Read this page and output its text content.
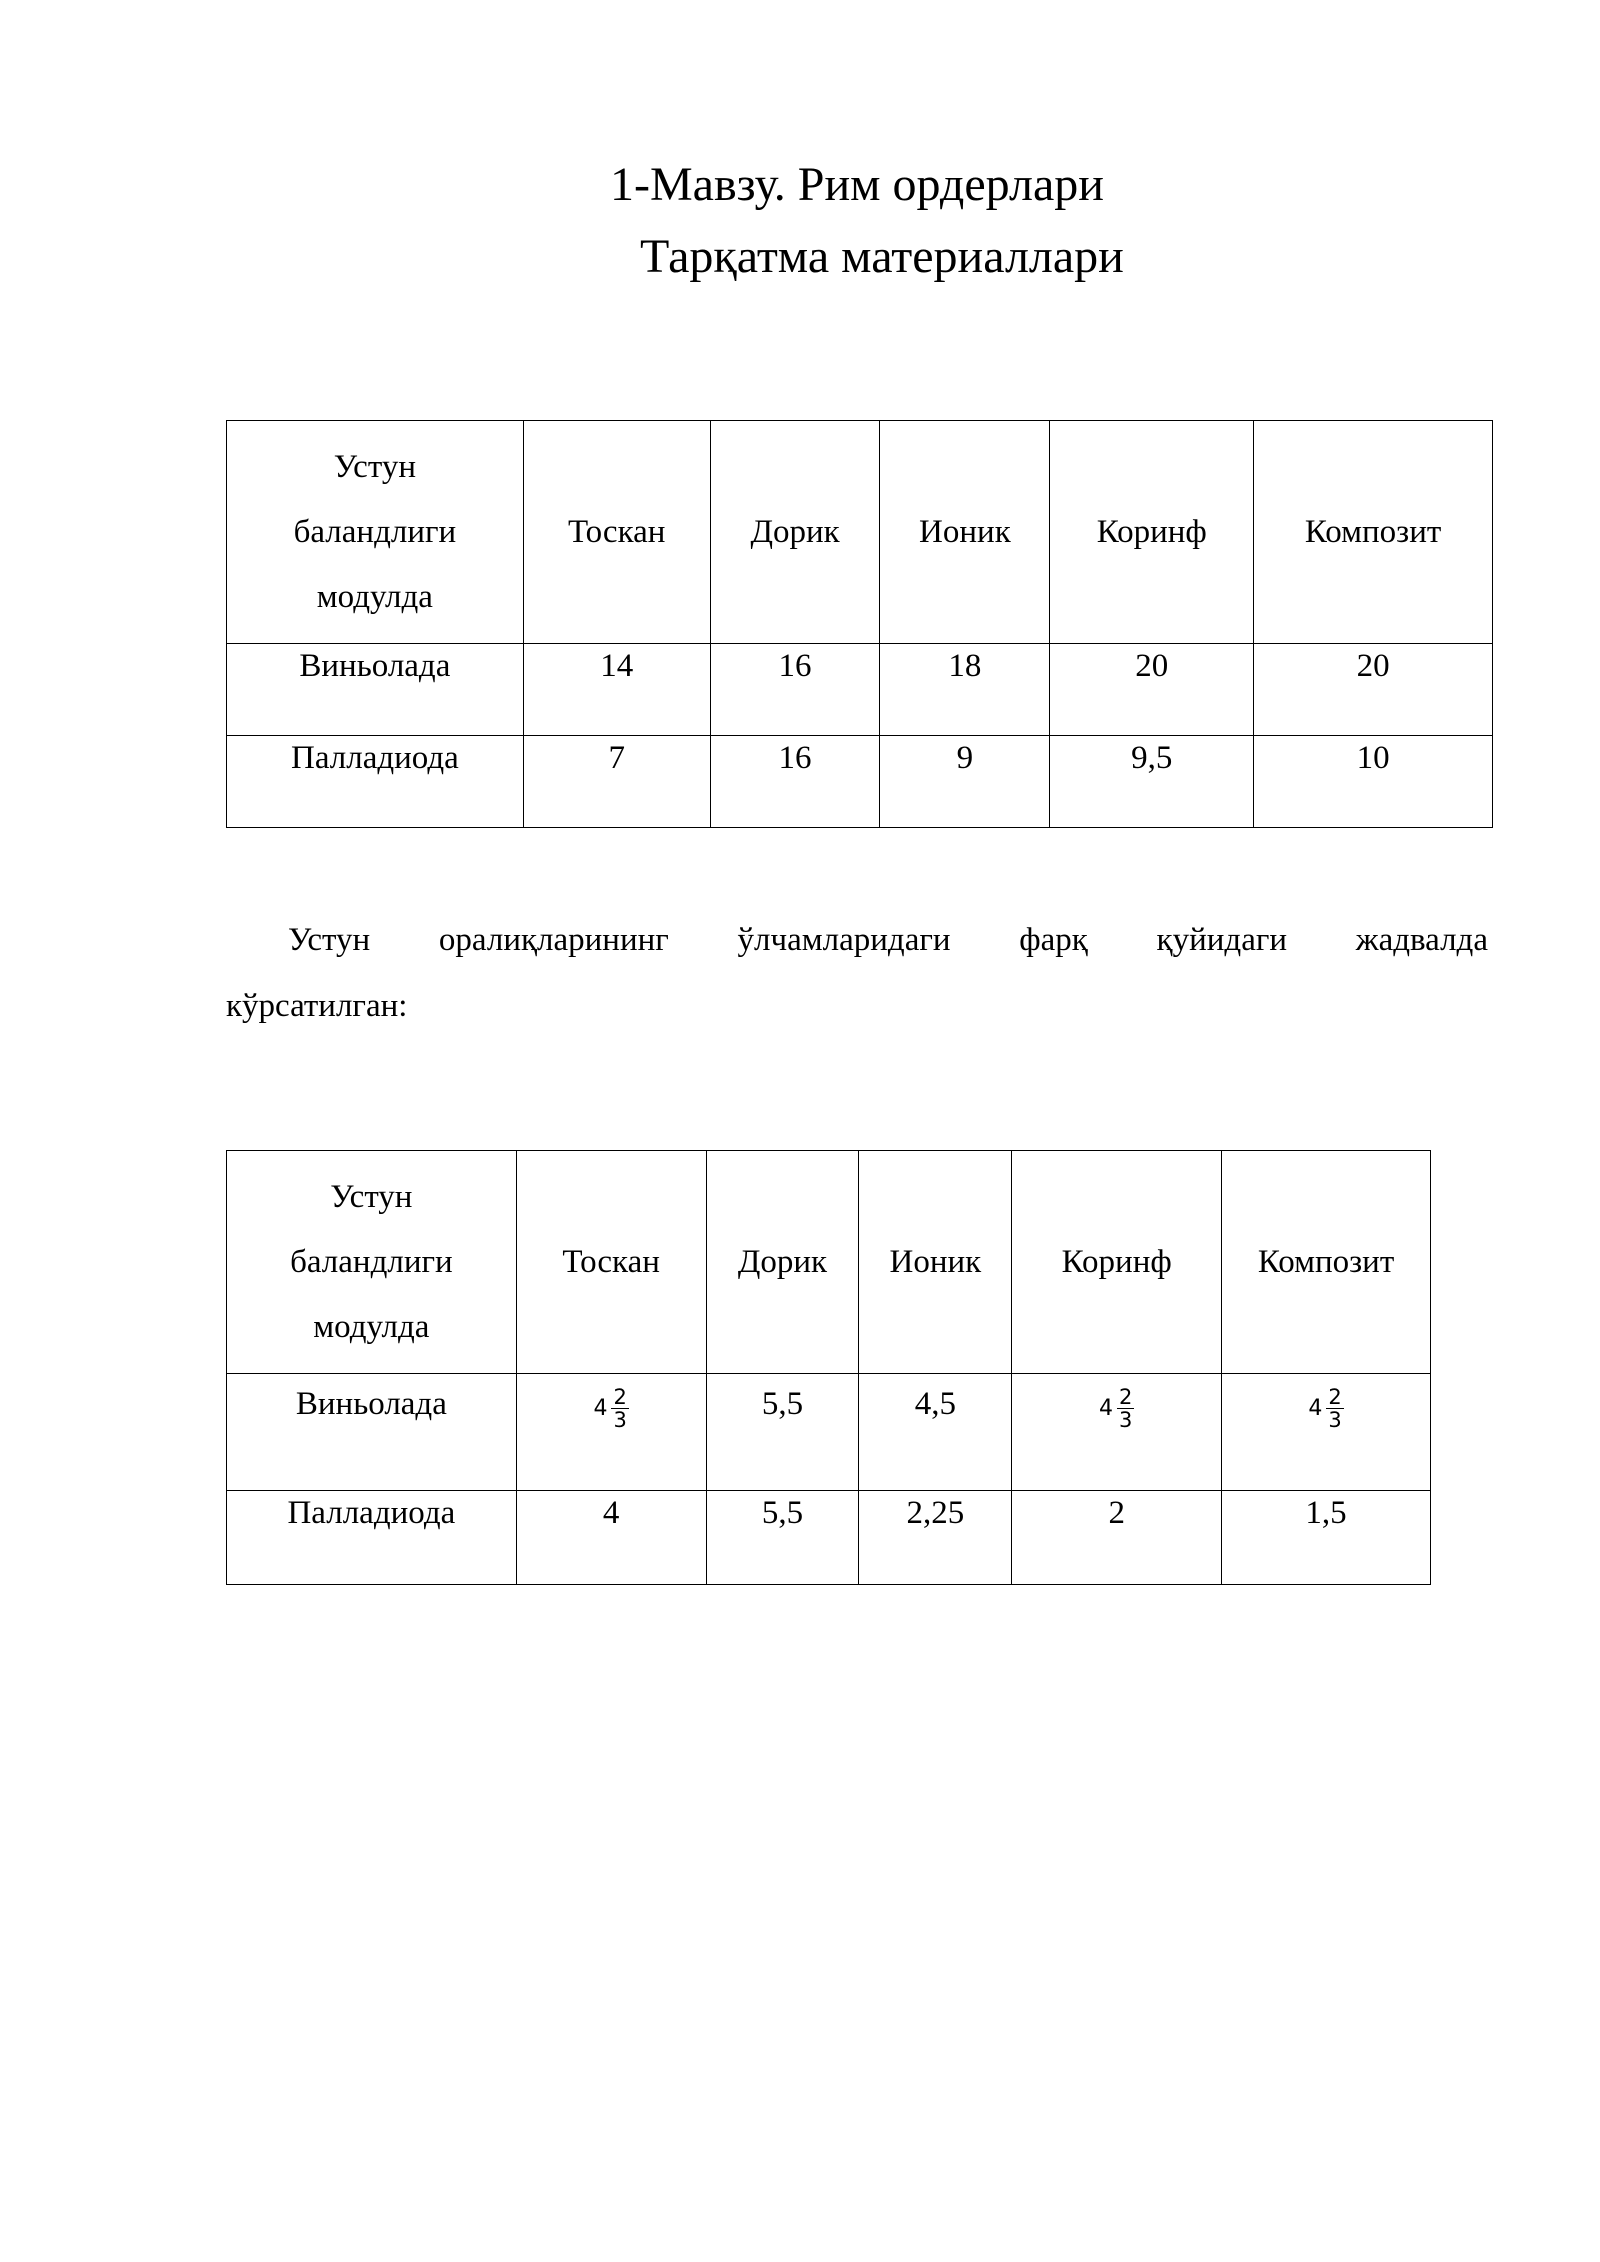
1-Мавзу. Рим ордерлари
Тарқатма материаллари
Устун
баландлиги
модулда	Тоскан	Дорик	Ионик	Коринф	Композит
Виньолада	14	16	18	20	20
Палладиода	7	16	9	9,5	10

Устун оралиқларининг ўлчамларидаги фарқ қуйидаги жадвалда

кўрсатилган:

Устун
баландлиги
модулда	Тоскан	Дорик	Ионик	Коринф	Композит
Виньолада	$4 \frac{2}{3}$	5,5	4,5	$4 \frac{2}{3}$	$4 \frac{2}{3}$

Палладиода	4	5,5	2,25	2	1,5
